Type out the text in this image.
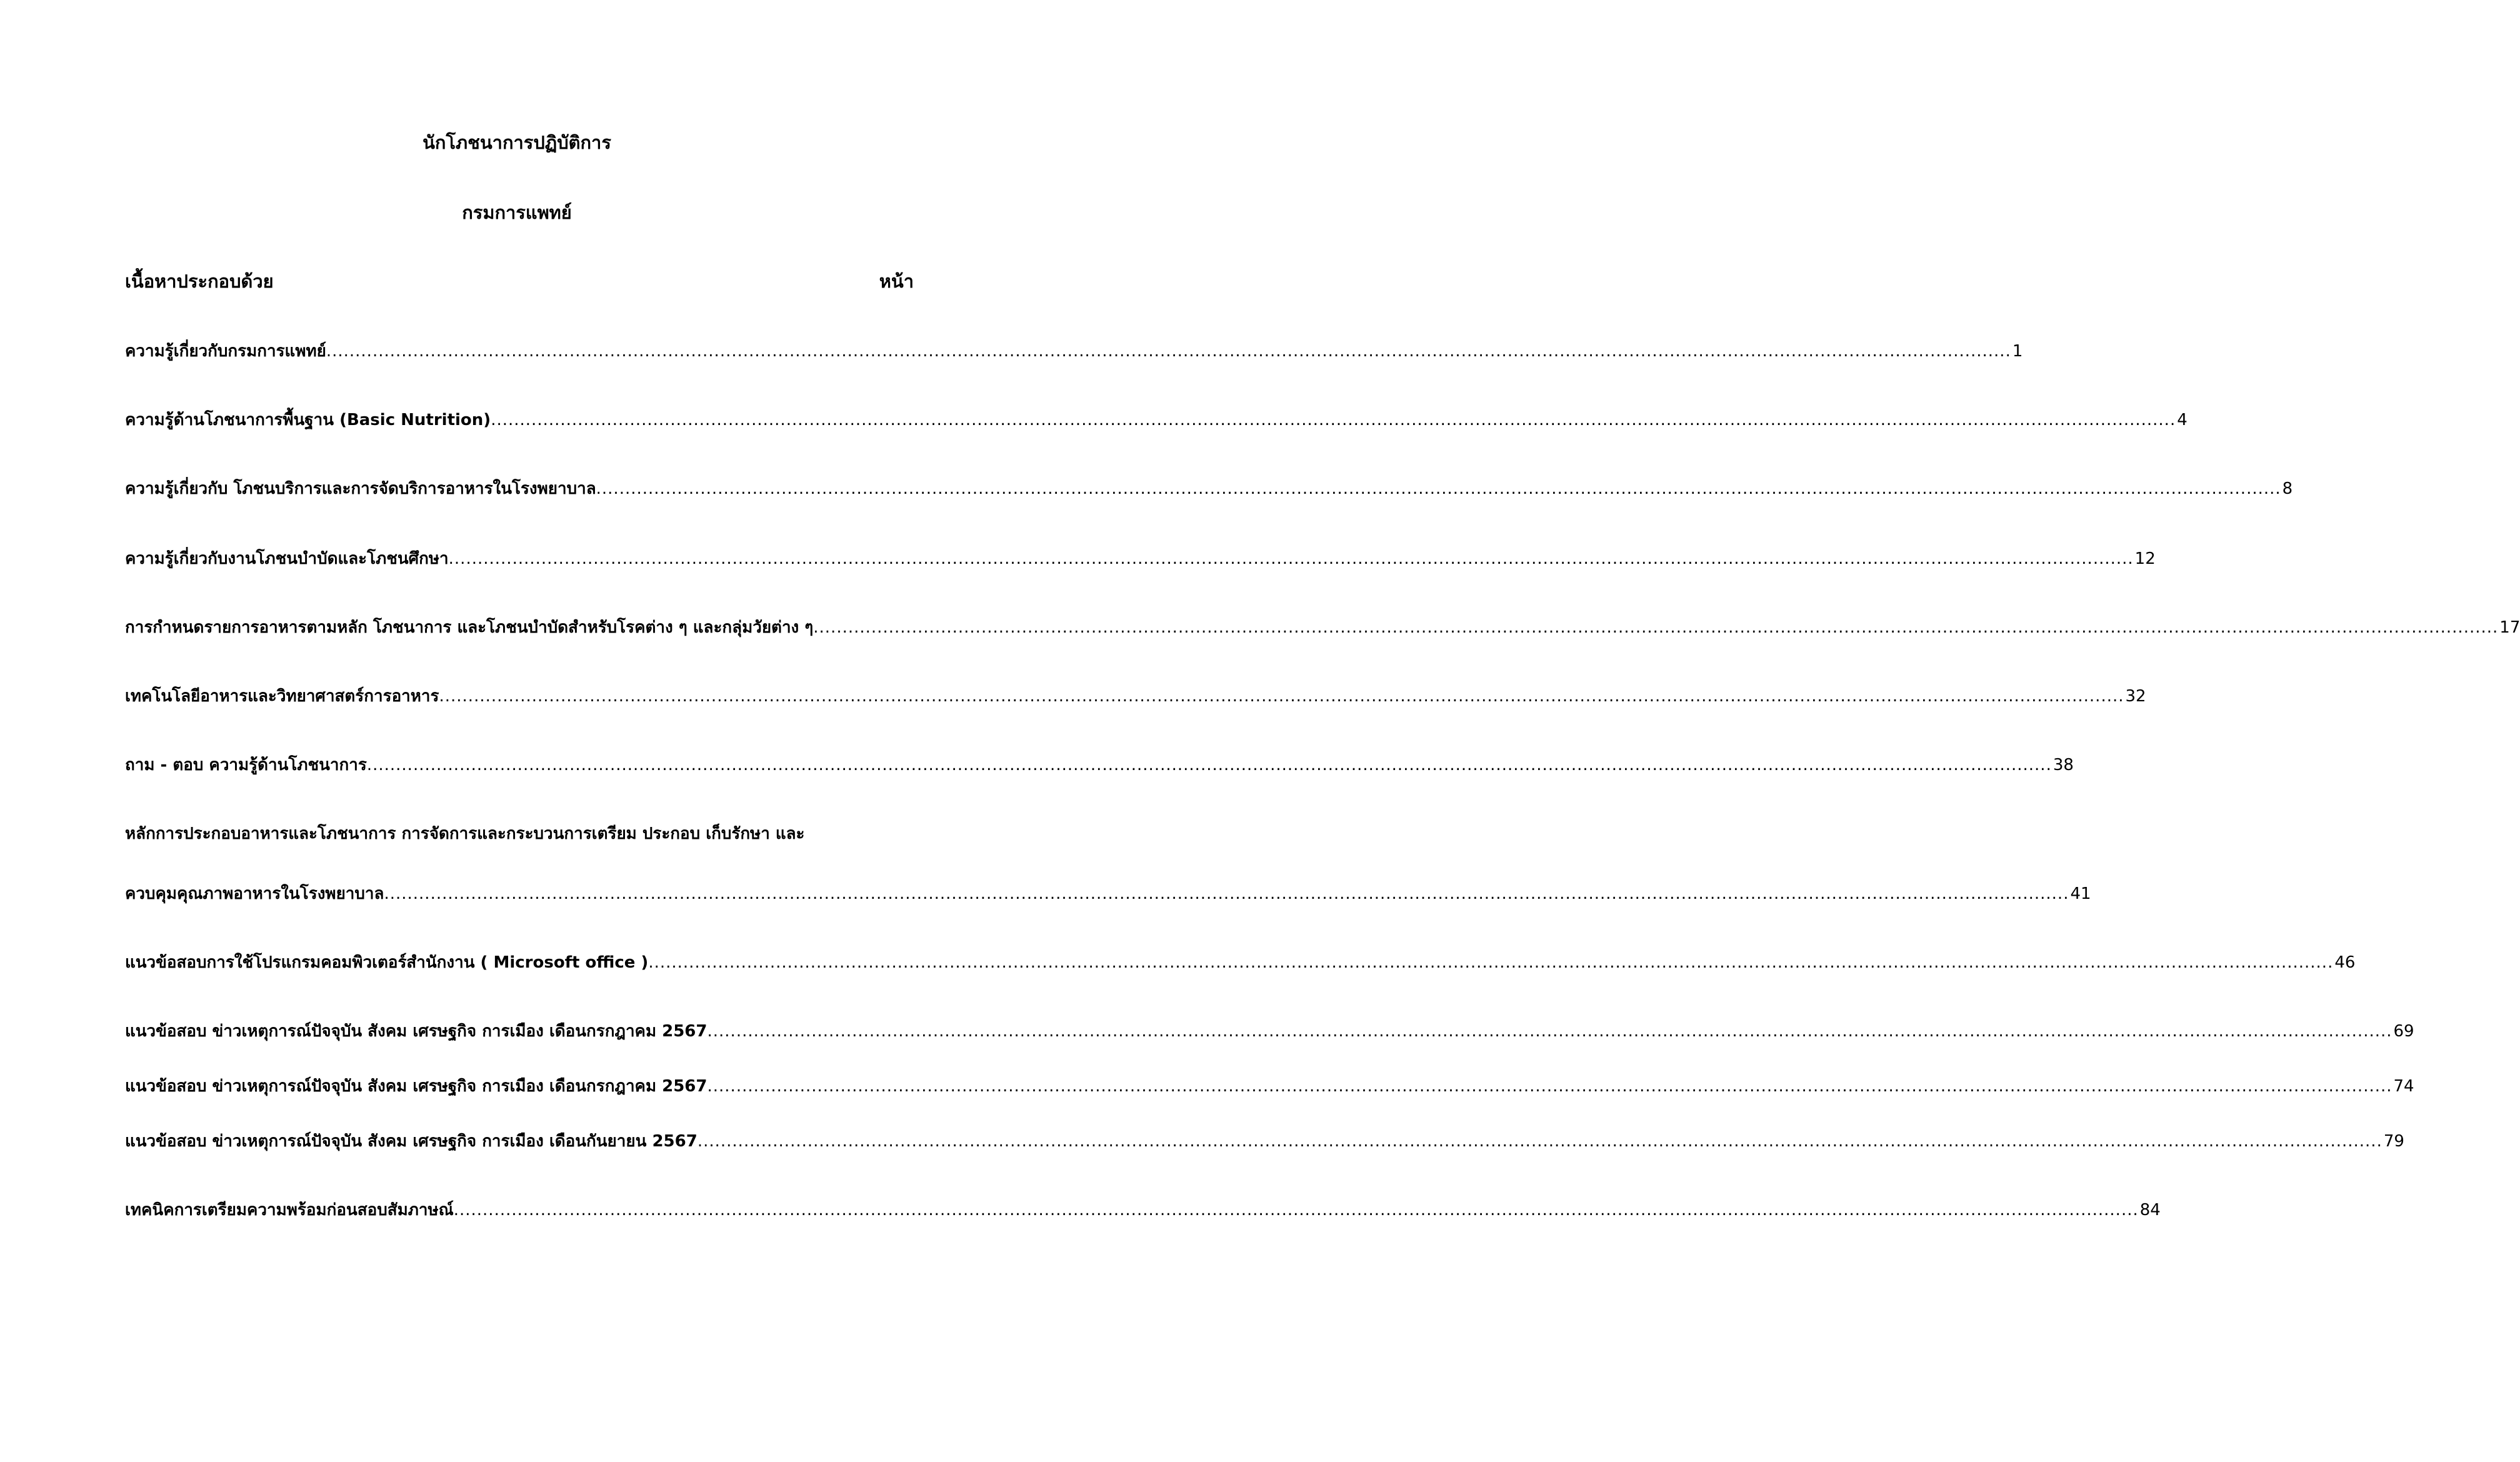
นักโภชนาการปฏิบัติการ
กรมการแพทย์
เนื้อหาประกอบด้วย	หน้า
ความรู้เกี่ยวกับกรมการแพทย์ .....	1
ความรู้ด้านโภชนาการพื้นฐาน (Basic Nutrition) .....	4
ความรู้เกี่ยวกับ โภชนบริการและการจัดบริการอาหารในโรงพยาบาล .....	8
ความรู้เกี่ยวกับงานโภชนบำบัดและโภชนศึกษา .....	12
การกำหนดรายการอาหารตามหลัก โภชนาการ และโภชนบำบัดสำหรับโรคต่าง ๆ และกลุ่มวัยต่าง ๆ .....	17
เทคโนโลยีอาหารและวิทยาศาสตร์การอาหาร .....	32
ถาม - ตอบ ความรู้ด้านโภชนาการ .....	38
หลักการประกอบอาหารและโภชนาการ การจัดการและกระบวนการเตรียม ประกอบ เก็บรักษา และ
ควบคุมคุณภาพอาหารในโรงพยาบาล .....	41
แนวข้อสอบการใช้โปรแกรมคอมพิวเตอร์สำนักงาน ( Microsoft office ) .....	46
แนวข้อสอบ ข่าวเหตุการณ์ปัจจุบัน สังคม เศรษฐกิจ การเมือง เดือนกรกฎาคม 2567 .....	69
แนวข้อสอบ ข่าวเหตุการณ์ปัจจุบัน สังคม เศรษฐกิจ การเมือง เดือนกรกฎาคม 2567 .....	74
แนวข้อสอบ ข่าวเหตุการณ์ปัจจุบัน สังคม เศรษฐกิจ การเมือง เดือนกันยายน 2567 .....	79
เทคนิคการเตรียมความพร้อมก่อนสอบสัมภาษณ์ .....	84
